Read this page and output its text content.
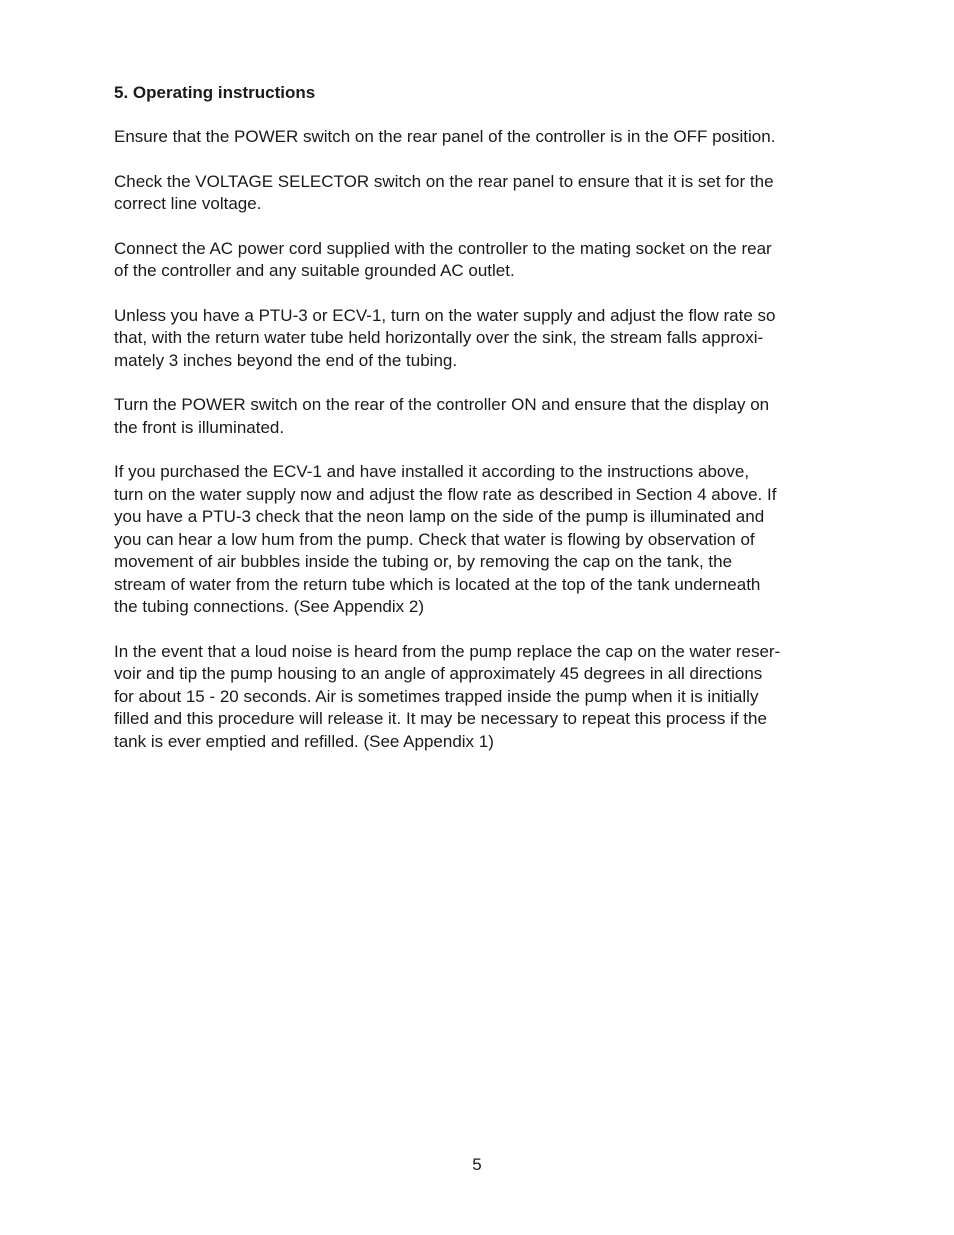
5. Operating instructions
Ensure that the POWER switch on the rear panel of the controller is in the OFF position.
Check the VOLTAGE SELECTOR switch on the rear panel to ensure that it is set for the
correct line voltage.
Connect the AC power cord supplied with the controller to the mating socket on the rear
of the controller and any suitable grounded AC outlet.
Unless you have a PTU-3 or ECV-1, turn on the water supply and adjust the flow rate so
that, with the return water tube held horizontally over the sink, the stream falls approxi-
mately 3 inches beyond the end of the tubing.
Turn the POWER switch on the rear of the controller ON and ensure that the display on
the front is illuminated.
If you purchased the ECV-1 and have installed it according to the instructions above,
turn on the water supply now and adjust the flow rate as described in Section 4 above. If
you have a PTU-3 check that the neon lamp on the side of the pump is illuminated and
you can hear a low hum from the pump. Check that water is flowing by observation of
movement of air bubbles inside the tubing or, by removing the cap on the tank, the
stream of water from the return tube which is located at the top of the tank underneath
the tubing connections. (See Appendix 2)
In the event that a loud noise is heard from the pump replace the cap on the water reser-
voir and tip the pump housing to an angle of approximately 45 degrees in all directions
for about 15 - 20 seconds. Air is sometimes trapped inside the pump when it is initially
filled and this procedure will release it. It may be necessary to repeat this process if the
tank is ever emptied and refilled. (See Appendix 1)
5
